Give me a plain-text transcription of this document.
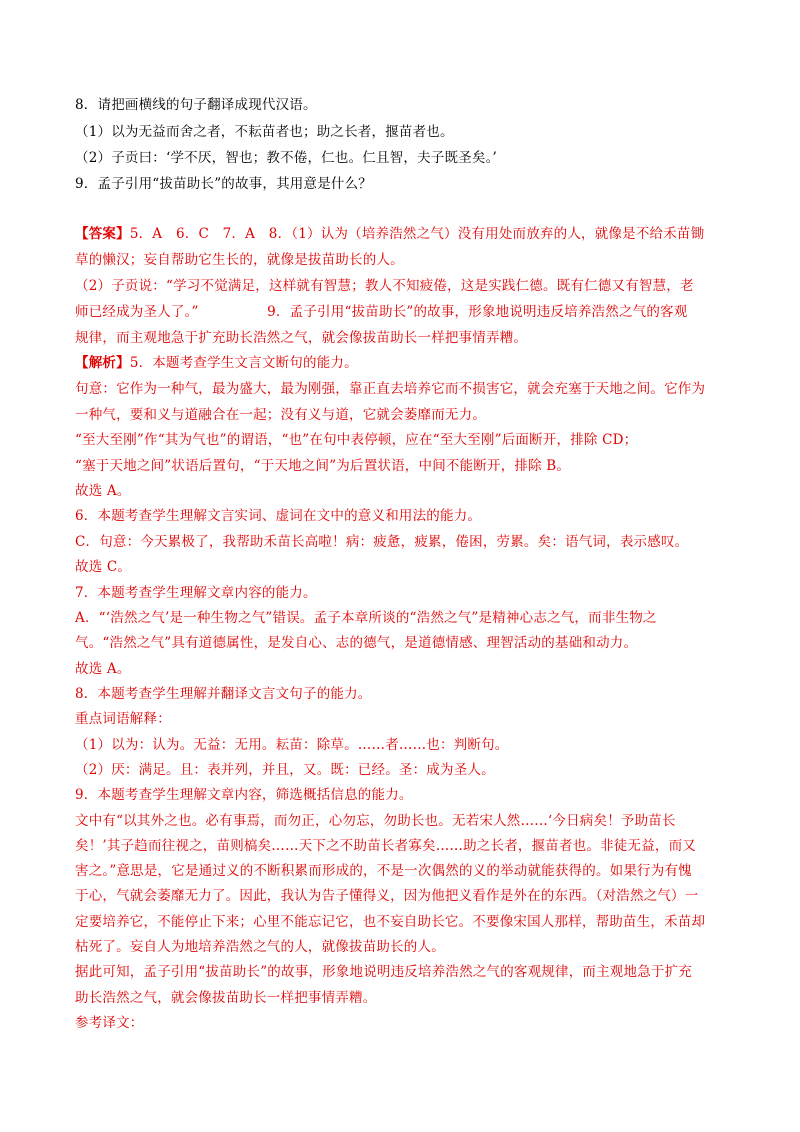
8．请把画横线的句子翻译成现代汉语。
（1）以为无益而舍之者，不耘苗者也；助之长者，揠苗者也。
（2）子贡曰：‘学不厌，智也；教不倦，仁也。仁且智，夫子既圣矣。’
9．孟子引用“拔苗助长”的故事，其用意是什么？
【答案】5．A　6．C　7．A　8．（1）认为（培养浩然之气）没有用处而放弃的人，就像是不给禾苗锄
草的懒汉；妄自帮助它生长的，就像是拔苗助长的人。
（2）子贡说：“学习不觉满足，这样就有智慧；教人不知疲倦，这是实践仁德。既有仁德又有智慧，老
师已经成为圣人了。”　　　　　9．孟子引用“拔苗助长”的故事，形象地说明违反培养浩然之气的客观
规律，而主观地急于扩充助长浩然之气，就会像拔苗助长一样把事情弄糟。
【解析】5．本题考查学生文言文断句的能力。
句意：它作为一种气，最为盛大，最为刚强，靠正直去培养它而不损害它，就会充塞于天地之间。它作为
一种气，要和义与道融合在一起；没有义与道，它就会萎靡而无力。
“至大至刚”作“其为气也”的谓语，“也”在句中表停顿，应在“至大至刚”后面断开，排除 CD；
“塞于天地之间”状语后置句，“于天地之间”为后置状语，中间不能断开，排除 B。
故选 A。
6．本题考查学生理解文言实词、虚词在文中的意义和用法的能力。
C．句意：今天累极了，我帮助禾苗长高啦！病：疲惫，疲累，倦困，劳累。矣：语气词，表示感叹。
故选 C。
7．本题考查学生理解文章内容的能力。
A．“‘浩然之气’是一种生物之气”错误。孟子本章所谈的“浩然之气”是精神心志之气，而非生物之
气。“浩然之气”具有道德属性，是发自心、志的德气，是道德情感、理智活动的基础和动力。
故选 A。
8．本题考查学生理解并翻译文言文句子的能力。
重点词语解释：
（1）以为：认为。无益：无用。耘苗：除草。……者……也：判断句。
（2）厌：满足。且：表并列，并且，又。既：已经。圣：成为圣人。
9．本题考查学生理解文章内容，筛选概括信息的能力。
文中有“以其外之也。必有事焉，而勿正，心勿忘，勿助长也。无若宋人然……‘今日病矣！予助苗长
矣！’其子趋而往视之，苗则槁矣……天下之不助苗长者寡矣……助之长者，揠苗者也。非徒无益，而又
害之。”意思是，它是通过义的不断积累而形成的，不是一次偶然的义的举动就能获得的。如果行为有愧
于心，气就会萎靡无力了。因此，我认为告子懂得义，因为他把义看作是外在的东西。（对浩然之气）一
定要培养它，不能停止下来；心里不能忘记它，也不妄自助长它。不要像宋国人那样，帮助苗生，禾苗却
枯死了。妄自人为地培养浩然之气的人，就像拔苗助长的人。
据此可知，孟子引用“拔苗助长”的故事，形象地说明违反培养浩然之气的客观规律，而主观地急于扩充
助长浩然之气，就会像拔苗助长一样把事情弄糟。
参考译文：
